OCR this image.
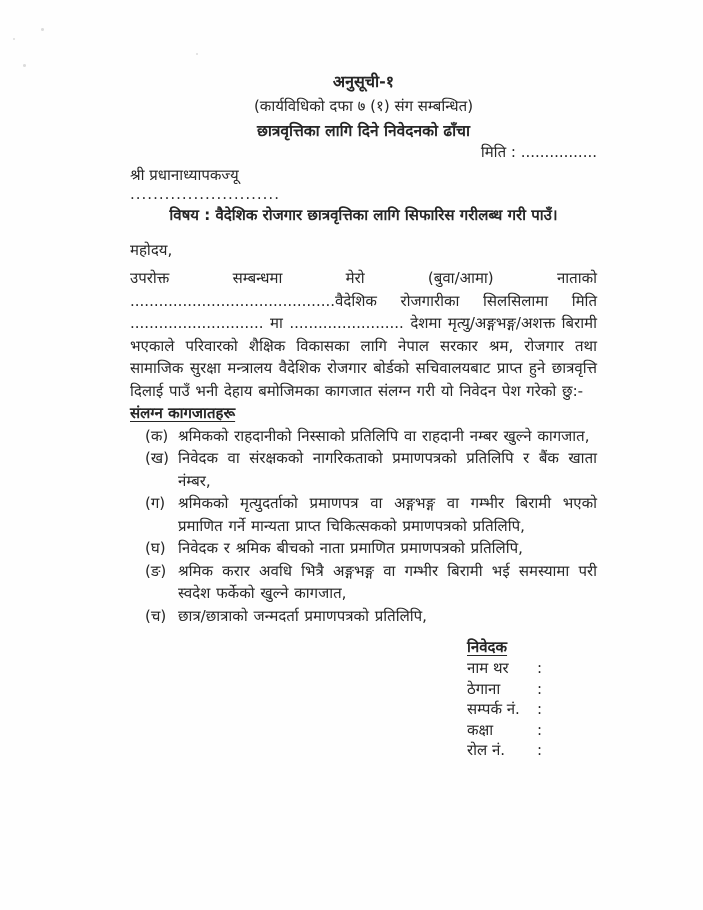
अनुसूची-१
(कार्यविधिको दफा ७ (१) संग सम्बन्धित)
छात्रवृत्तिका लागि दिने निवेदनको ढाँचा
मिति : ................
श्री प्रधानाध्यापकज्यू
..........................
विषय : वैदेशिक रोजगार छात्रवृत्तिका लागि सिफारिस गरीलब्ध गरी पाउँ।
महोदय,

उपरोक्त सम्बन्धमा मेरो (बुवा/आमा) नाताको ...........................................वैदेशिक रोजगारीका सिलसिलामा मिति ............................ मा ........................ देशमा मृत्यु/अङ्गभङ्ग/अशक्त बिरामी भएकाले परिवारको शैक्षिक विकासका लागि नेपाल सरकार श्रम, रोजगार तथा सामाजिक सुरक्षा मन्त्रालय वैदेशिक रोजगार बोर्डको सचिवालयबाट प्राप्त हुने छात्रवृत्ति दिलाई पाउँ भनी देहाय बमोजिमका कागजात संलग्न गरी यो निवेदन पेश गरेको छु:-

संलग्न कागजातहरू
(क) श्रमिकको राहदानीको निस्साको प्रतिलिपि वा राहदानी नम्बर खुल्ने कागजात,
(ख) निवेदक वा संरक्षकको नागरिकताको प्रमाणपत्रको प्रतिलिपि र बैंक खाता नंम्बर,
(ग) श्रमिकको मृत्युदर्ताको प्रमाणपत्र वा अङ्गभङ्ग वा गम्भीर बिरामी भएको प्रमाणित गर्ने मान्यता प्राप्त चिकित्सकको प्रमाणपत्रको प्रतिलिपि,
(घ) निवेदक र श्रमिक बीचको नाता प्रमाणित प्रमाणपत्रको प्रतिलिपि,
(ङ) श्रमिक करार अवधि भित्रै अङ्गभङ्ग वा गम्भीर बिरामी भई समस्यामा परी स्वदेश फर्केको खुल्ने कागजात,
(च) छात्र/छात्राको जन्मदर्ता प्रमाणपत्रको प्रतिलिपि,
निवेदक
नाम थर	:
ठेगाना	:
सम्पर्क नं.	:
कक्षा	:
रोल नं.	:
